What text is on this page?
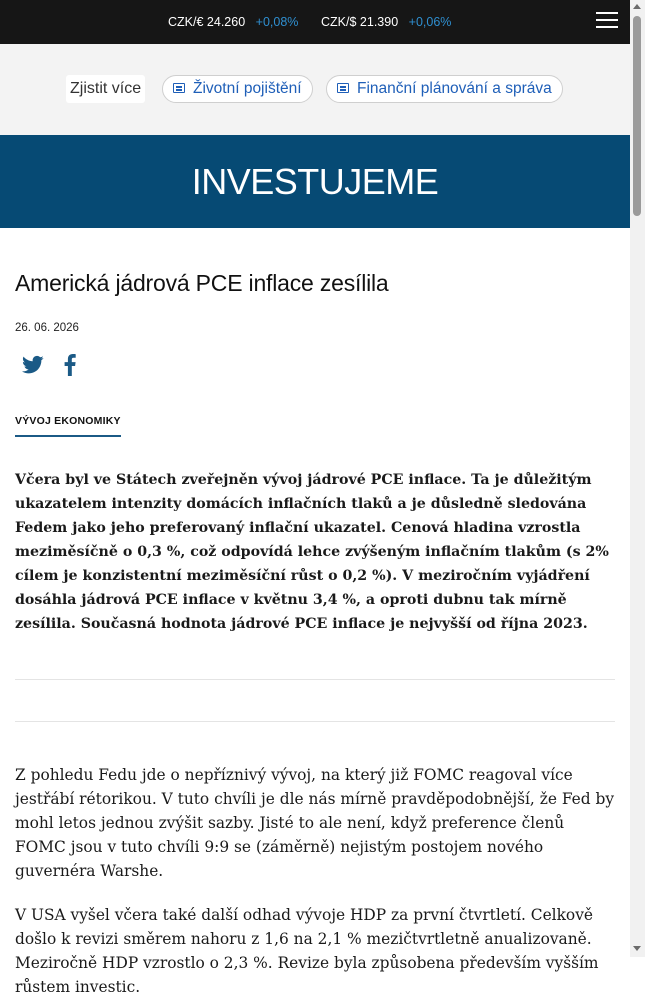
CZK/€ 24.260 +0,08% CZK/$ 21.390 +0,06%
Zjistit více	Životní pojištění	Finanční plánování a správa
INVESTUJEME
Americká jádrová PCE inflace zesílila
26. 06. 2026
VÝVOJ EKONOMIKY

Včera byl ve Státech zveřejněn vývoj jádrové PCE inflace. Ta je důležitým ukazatelem intenzity domácích inflačních tlaků a je důsledně sledována Fedem jako jeho preferovaný inflační ukazatel. Cenová hladina vzrostla meziměsíčně o 0,3 %, což odpovídá lehce zvýšeným inflačním tlakům (s 2% cílem je konzistentní meziměsíční růst o 0,2 %). V meziročním vyjádření dosáhla jádrová PCE inflace v květnu 3,4 %, a oproti dubnu tak mírně zesílila. Současná hodnota jádrové PCE inflace je nejvyšší od října 2023.

Z pohledu Fedu jde o nepříznivý vývoj, na který již FOMC reagoval více jestřábí rétorikou. V tuto chvíli je dle nás mírně pravděpodobnější, že Fed by mohl letos jednou zvýšit sazby. Jisté to ale není, když preference členů FOMC jsou v tuto chvíli 9:9 se (záměrně) nejistým postojem nového guvernéra Warshe.

V USA vyšel včera také další odhad vývoje HDP za první čtvrtletí. Celkově došlo k revizi směrem nahoru z 1,6 na 2,1 % mezičtvrtletně anualizovaně. Meziročně HDP vzrostlo o 2,3 %. Revize byla způsobena především vyšším růstem investic.
